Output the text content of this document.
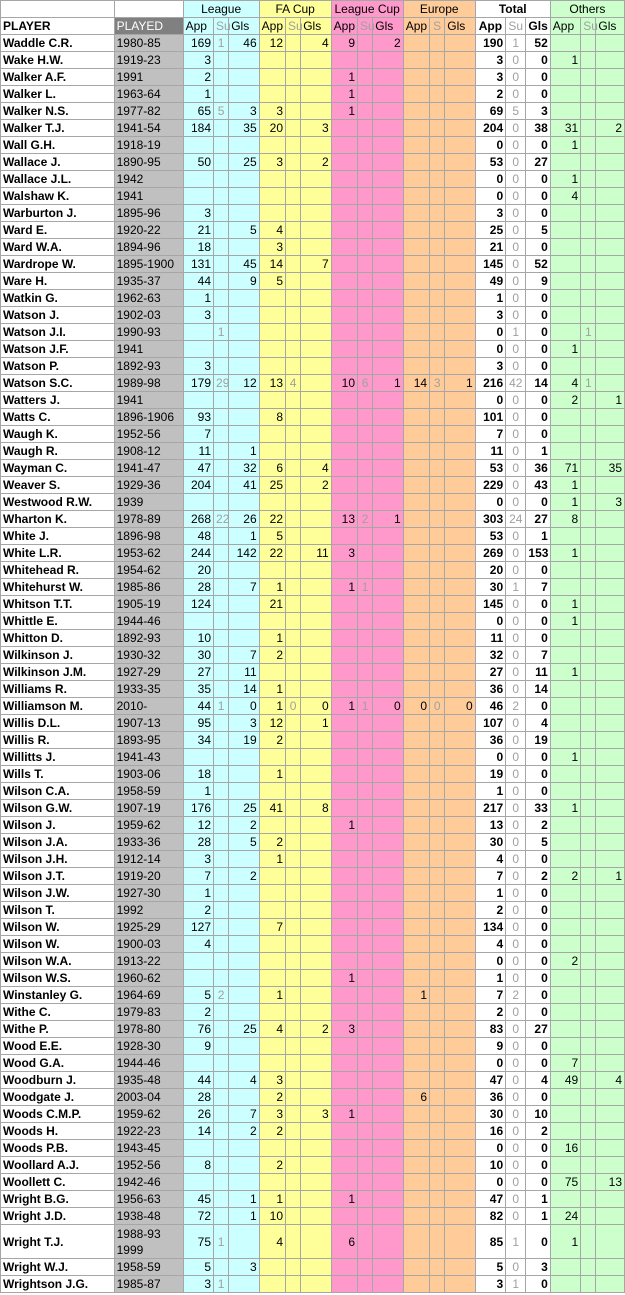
		League			FA Cup			League Cup			Europe			Total			Others		
PLAYER	PLAYED	App	Su	Gls	App	Su	Gls	App	Su	Gls	App	S	Gls	App	Su	Gls	App	Su	Gls
Waddle C.R.	1980-85	169	1	46	12		4	9		2				190	1	52			
Wake H.W.	1919-23	3												3	0	0	1		
Walker A.F.	1991	2						1						3	0	0			
Walker L.	1963-64	1						1						2	0	0			
Walker N.S.	1977-82	65	5	3	3			1						69	5	3			
Walker T.J.	1941-54	184		35	20		3							204	0	38	31		2
Wall G.H.	1918-19													0	0	0	1		
Wallace J.	1890-95	50		25	3		2							53	0	27			
Wallace J.L.	1942													0	0	0	1		
Walshaw K.	1941													0	0	0	4		
Warburton J.	1895-96	3												3	0	0			
Ward E.	1920-22	21		5	4									25	0	5			
Ward W.A.	1894-96	18			3									21	0	0			
Wardrope W.	1895-1900	131		45	14		7							145	0	52			
Ware H.	1935-37	44		9	5									49	0	9			
Watkin G.	1962-63	1												1	0	0			
Watson J.	1902-03	3												3	0	0			
Watson J.I.	1990-93		1											0	1	0		1	
Watson J.F.	1941													0	0	0	1		
Watson P.	1892-93	3												3	0	0			
Watson S.C.	1989-98	179	29	12	13	4		10	6	1	14	3	1	216	42	14	4	1	
Watters J.	1941													0	0	0	2		1
Watts C.	1896-1906	93			8									101	0	0			
Waugh K.	1952-56	7												7	0	0			
Waugh R.	1908-12	11		1										11	0	1			
Wayman C.	1941-47	47		32	6		4							53	0	36	71		35
Weaver S.	1929-36	204		41	25		2							229	0	43	1		
Westwood R.W.	1939													0	0	0	1		3
Wharton K.	1978-89	268	22	26	22			13	2	1				303	24	27	8		
White J.	1896-98	48		1	5									53	0	1			
White L.R.	1953-62	244		142	22		11	3						269	0	153	1		
Whitehead R.	1954-62	20												20	0	0			
Whitehurst W.	1985-86	28		7	1			1	1					30	1	7			
Whitson T.T.	1905-19	124			21									145	0	0	1		
Whittle E.	1944-46													0	0	0	1		
Whitton D.	1892-93	10			1									11	0	0			
Wilkinson J.	1930-32	30		7	2									32	0	7			
Wilkinson J.M.	1927-29	27		11										27	0	11	1		
Williams R.	1933-35	35		14	1									36	0	14			
Williamson M.	2010-	44	1	0	1	0	0	1	1	0	0	0	0	46	2	0			
Willis D.L.	1907-13	95		3	12		1							107	0	4			
Willis R.	1893-95	34		19	2									36	0	19			
Willitts J.	1941-43													0	0	0	1		
Wills T.	1903-06	18			1									19	0	0			
Wilson C.A.	1958-59	1												1	0	0			
Wilson G.W.	1907-19	176		25	41		8							217	0	33	1		
Wilson J.	1959-62	12		2				1						13	0	2			
Wilson J.A.	1933-36	28		5	2									30	0	5			
Wilson J.H.	1912-14	3			1									4	0	0			
Wilson J.T.	1919-20	7		2										7	0	2	2		1
Wilson J.W.	1927-30	1												1	0	0			
Wilson T.	1992	2												2	0	0			
Wilson W.	1925-29	127			7									134	0	0			
Wilson W.	1900-03	4												4	0	0			
Wilson W.A.	1913-22													0	0	0	2		
Wilson W.S.	1960-62							1						1	0	0			
Winstanley G.	1964-69	5	2		1						1			7	2	0			
Withe C.	1979-83	2												2	0	0			
Withe P.	1978-80	76		25	4		2	3						83	0	27			
Wood E.E.	1928-30	9												9	0	0			
Wood G.A.	1944-46													0	0	0	7		
Woodburn J.	1935-48	44		4	3									47	0	4	49		4
Woodgate J.	2003-04	28			2						6			36	0	0			
Woods C.M.P.	1959-62	26		7	3		3	1						30	0	10			
Woods H.	1922-23	14		2	2									16	0	2			
Woods P.B.	1943-45													0	0	0	16		
Woollard A.J.	1952-56	8			2									10	0	0			
Woollett C.	1942-46													0	0	0	75		13
Wright B.G.	1956-63	45		1	1			1						47	0	1			
Wright J.D.	1938-48	72		1	10									82	0	1	24		
Wright T.J.	1988-93 1999	75	1		4			6						85	1	0	1		
Wright W.J.	1958-59	5		3										5	0	3			
Wrightson J.G.	1985-87	3	1											3	1	0			
